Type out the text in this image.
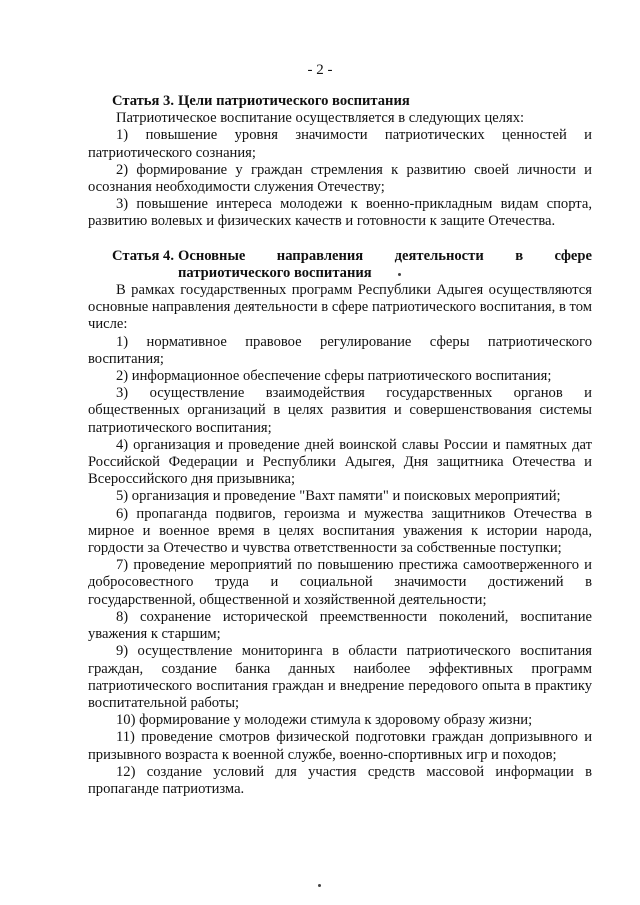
- 2 -
Статья 3. Цели патриотического воспитания

Патриотическое воспитание осуществляется в следующих целях:

1) повышение уровня значимости патриотических ценностей и патриотического сознания;

2) формирование у граждан стремления к развитию своей личности и осознания необходимости служения Отечеству;

3) повышение интереса молодежи к военно-прикладным видам спорта, развитию волевых и физических качеств и готовности к защите Отечества.

Статья 4. Основные направления деятельности в сфере патриотического воспитания

В рамках государственных программ Республики Адыгея осуществляются основные направления деятельности в сфере патриотического воспитания, в том числе:

1) нормативное правовое регулирование сферы патриотического воспитания;

2) информационное обеспечение сферы патриотического воспитания;

3) осуществление взаимодействия государственных органов и общественных организаций в целях развития и совершенствования системы патриотического воспитания;

4) организация и проведение дней воинской славы России и памятных дат Российской Федерации и Республики Адыгея, Дня защитника Отечества и Всероссийского дня призывника;

5) организация и проведение "Вахт памяти" и поисковых мероприятий;

6) пропаганда подвигов, героизма и мужества защитников Отечества в мирное и военное время в целях воспитания уважения к истории народа, гордости за Отечество и чувства ответственности за собственные поступки;

7) проведение мероприятий по повышению престижа самоотверженного и добросовестного труда и социальной значимости достижений в государственной, общественной и хозяйственной деятельности;

8) сохранение исторической преемственности поколений, воспитание уважения к старшим;

9) осуществление мониторинга в области патриотического воспитания граждан, создание банка данных наиболее эффективных программ патриотического воспитания граждан и внедрение передового опыта в практику воспитательной работы;

10) формирование у молодежи стимула к здоровому образу жизни;

11) проведение смотров физической подготовки граждан допризывного и призывного возраста к военной службе, военно-спортивных игр и походов;

12) создание условий для участия средств массовой информации в пропаганде патриотизма.
